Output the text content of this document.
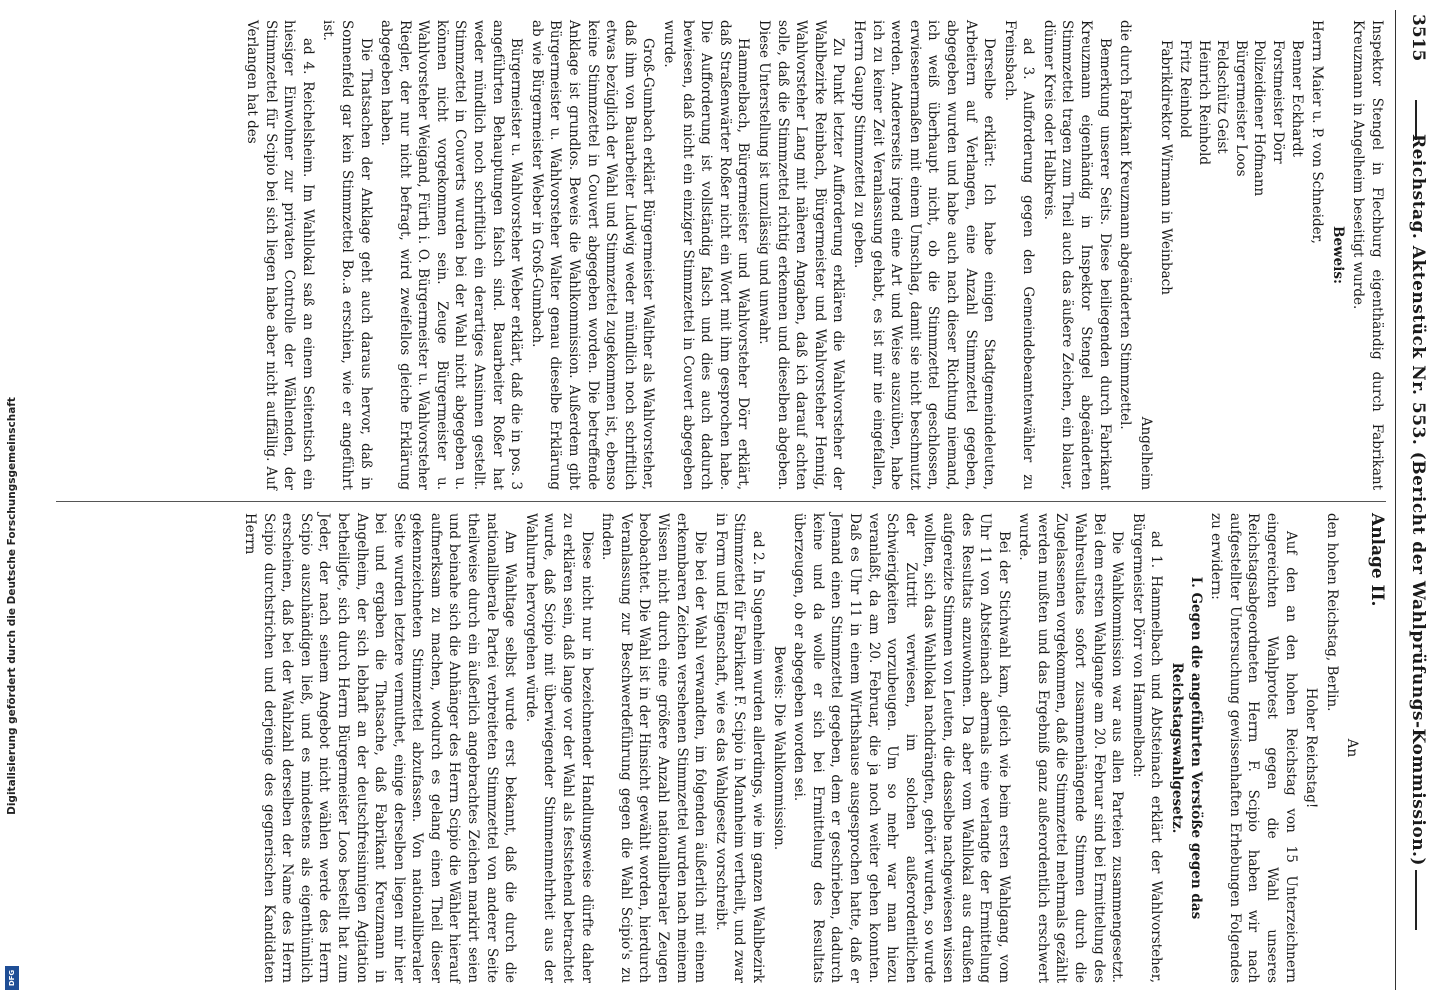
Digitalisierung gefördert durch die Deutsche Forschungsgemeinschaft
DFG
3515
Reichstag. Aktenstück Nr. 553. (Bericht der Wahlprüfungs-Kommission.)

Inspektor Stengel in Flechburg eigenthändig durch Fabrikant Kreuzmann in Angelheim beseitigt wurde.

Beweis:

Herrn Maier u. P. von Schneider,

Benner Eckhardt
Forstmeister Dörr
Polizeidiener Hofmann
Bürgermeister Loos
Feldschütz Geist
Heinrich Reinhold
Fritz Reinhold
Fabrikdirektor Wirmann in Weinbach

Angelheim

die durch Fabrikant Kreuzmann abgeänderten Stimmzettel.

Bemerkung unserer Seits. Diese beiliegenden durch Fabrikant Kreuzmann eigenhändig in Inspektor Stengel abgeänderten Stimmzettel tragen zum Theil auch das äußere Zeichen, ein blauer, dünner Kreis oder Halbkreis.

ad 3. Aufforderung gegen den Gemeindebeamtenwähler zu Freinsbach.

Derselbe erklärt: Ich habe einigen Stadtgemeindeleuten, Arbeitern auf Verlangen, eine Anzahl Stimmzettel gegeben, abgegeben wurden und habe auch nach dieser Richtung niemand, ich weiß überhaupt nicht, ob die Stimmzettel geschlossen, erwiesenermaßen mit einem Umschlag, damit sie nicht beschmutzt werden. Andererseits irgend eine Art und Weise auszuüben, habe ich zu keiner Zeit Veranlassung gehabt, es ist mir nie eingefallen, Herrn Gaupp Stimmzettel zu geben.

Zu Punkt letzter Aufforderung erklären die Wahlvorsteher der Wahlbezirke Reinbach, Bürgermeister und Wahlvorsteher Hennig, Wahlvorsteher Lang mit näheren Angaben, daß ich darauf achten solle, daß die Stimmzettel richtig erkennen und dieselben abgeben. Diese Unterstellung ist unzulässig und unwahr.

Hammelbach, Bürgermeister und Wahlvorsteher Dörr erklärt, daß Straßenwärter Roßer nicht ein Wort mit ihm gesprochen habe. Die Aufforderung ist vollständig falsch und dies auch dadurch bewiesen, daß nicht ein einziger Stimmzettel in Couvert abgegeben wurde.

Groß-Gumbach erklärt Bürgermeister Walther als Wahlvorsteher, daß ihm von Bauarbeiter Ludwig weder mündlich noch schriftlich etwas bezüglich der Wahl und Stimmzettel zugekommen ist, ebenso keine Stimmzettel in Couvert abgegeben worden. Die betreffende Anklage ist grundlos. Beweis die Wahlkommission. Außerdem gibt Bürgermeister u. Wahlvorsteher Walter genau dieselbe Erklärung ab wie Bürgermeister Weber in Groß-Gumbach.

Bürgermeister u. Wahlvorsteher Weber erklärt, daß die in pos. 3 angeführten Behauptungen falsch sind. Bauarbeiter Roßer hat weder mündlich noch schriftlich ein derartiges Ansinnen gestellt. Stimmzettel in Couverts wurden bei der Wahl nicht abgegeben u. können nicht vorgekommen sein. Zeuge Bürgermeister u. Wahlvorsteher Weigand, Fürth i. O. Bürgermeister u. Wahlvorsteher Riegler, der nur nicht befragt, wird zweifellos gleiche Erklärung abgegeben haben.

Die Thatsachen der Anklage geht auch daraus hervor, daß in Sonnenfeld gar kein Stimmzettel Bo..a erschien, wie er angeführt ist.

ad 4. Reichelsheim. Im Wahllokal saß an einem Seitentisch ein hiesiger Einwohner zur privaten Controlle der Wählenden, der Stimmzettel für Scipio bei sich liegen habe aber nicht auffällig. Auf Verlangen hat des

Anlage II.

An

den hohen Reichstag, Berlin.

Hoher Reichstag!

Auf den an den hohen Reichstag von 15 Unterzeichnern eingereichten Wahlprotest gegen die Wahl unseres Reichstagsabgeordneten Herrn F. Scipio haben wir nach aufgestellter Untersuchung gewissenhaften Erhebungen Folgendes zu erwidern:

I. Gegen die angeführten Verstöße gegen das Reichstagswahlgesetz.

ad 1. Hammelbach und Abtsteinach erklärt der Wahlvorsteher, Bürgermeister Dörr von Hammelbach:

Die Wahlkommission war aus allen Parteien zusammengesetzt. Bei dem ersten Wahlgange am 20. Februar sind bei Ermittelung des Wahlresultates sofort zusammenhängende Stimmen durch die Zugelassenen vorgekommen, daß die Stimmzettel mehrmals gezählt werden mußten und das Ergebniß ganz außerordentlich erschwert wurde.

Bei der Stichwahl kam, gleich wie beim ersten Wahlgang, vom Uhr 11 von Abtsteinach abermals eine verlangte der Ermittelung des Resultats anzuwohnen. Da aber vom Wahllokal aus draußen aufgereizte Stimmen von Leuten, die dasselbe nachgewiesen wissen wollten, sich das Wahllokal nachdrängten, gehört wurden, so wurde der Zutritt verwiesen, im solchen außerordentlichen Schwierigkeiten vorzubeugen. Um so mehr war man hiezu veranlaßt, da am 20. Februar, die ja noch weiter gehen konnten. Daß es Uhr 11 in einem Wirthshause ausgesprochen hatte, daß er Jemand einen Stimmzettel gegeben, dem er geschrieben, dadurch keine und da wolle er sich bei Ermittelung des Resultats überzeugen, ob er abgegeben worden sei.

Beweis: Die Wahlkommission.

ad 2. In Sugenheim wurden allerdings, wie im ganzen Wahlbezirk Stimmzettel für Fabrikant F. Scipio in Mannheim vertheilt, und zwar in Form und Eigenschaft, wie es das Wahlgesetz vorschreibt.

Die bei der Wahl verwandten, im folgenden äußerlich mit einem erkennbaren Zeichen versehenen Stimmzettel wurden nach meinem Wissen nicht durch eine größere Anzahl nationalliberaler Zeugen beobachtet. Die Wahl ist in der Hinsicht gewählt worden, hierdurch Veranlassung zur Beschwerdeführung gegen die Wahl Scipio's zu finden.

Diese nicht nur in bezeichnender Handlungsweise dürfte daher zu erklären sein, daß lange vor der Wahl als feststehend betrachtet wurde, daß Scipio mit überwiegender Stimmenmehrheit aus der Wahlurne hervorgehen würde.

Am Wahltage selbst wurde erst bekannt, daß die durch die nationalliberale Partei verbreiteten Stimmzettel von anderer Seite theilweise durch ein äußerlich angebrachtes Zeichen markirt seien und beinahe sich die Anhänger des Herrn Scipio die Wähler hierauf aufmerksam zu machen, wodurch es gelang einen Theil dieser gekennzeichneten Stimmzettel abzufassen. Von nationalliberaler Seite wurden letztere vermuthet, einige derselben liegen mir hier bei und ergaben die Thatsache, daß Fabrikant Kreuzmann in Angelheim, der sich lebhaft an der deutschfreisinnigen Agitation betheiligte, sich durch Herrn Bürgermeister Loos bestellt hat zum Jeder, der nach seinem Angebot nicht wählen werde des Herrn Scipio auszuhändigen ließ, und es mindestens als eigenthümlich erscheinen, daß bei der Wahlzahl derselben der Name des Herrn Scipio durchstrichen und derjenige des gegnerischen Kandidaten Herrn
